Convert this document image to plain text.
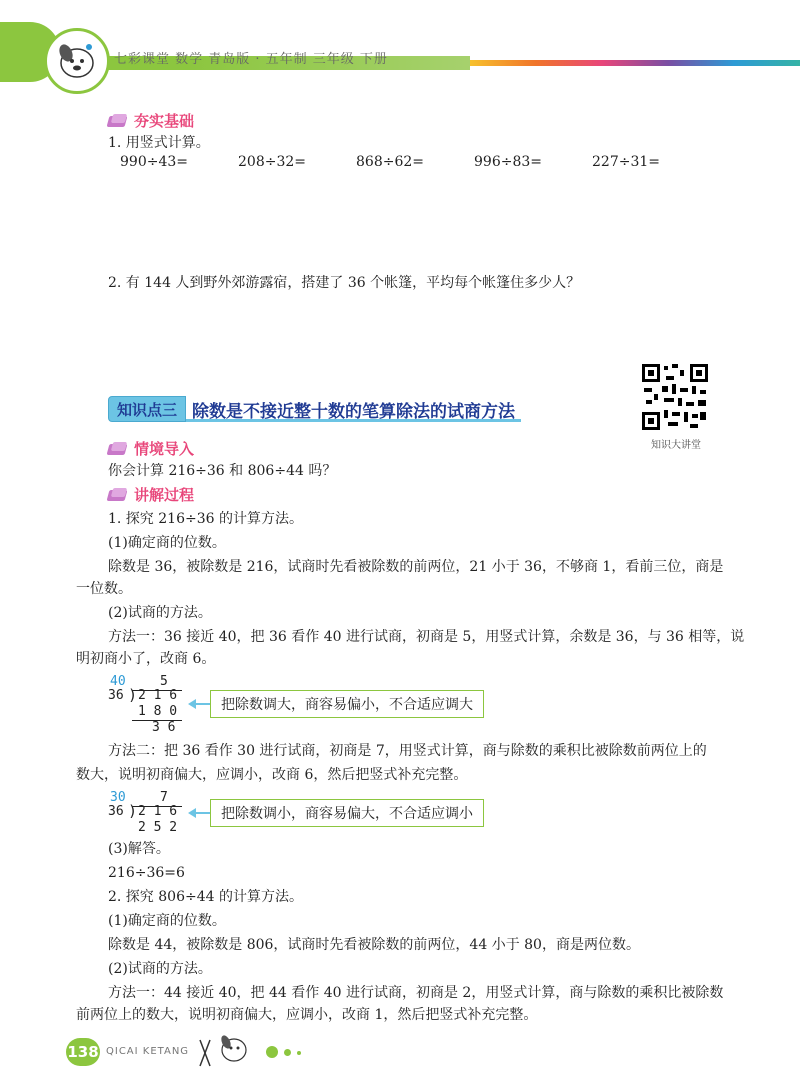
七彩课堂 数学 青岛版 · 五年制 三年级 下册
夯实基础
1. 用竖式计算。
990÷43=	208÷32=	868÷62=	996÷83=	227÷31=
2. 有 144 人到野外郊游露宿，搭建了 36 个帐篷，平均每个帐篷住多少人？
知识点三 除数是不接近整十数的笔算除法的试商方法
知识大讲堂
情境导入
你会计算 216÷36 和 806÷44 吗？
讲解过程
1. 探究 216÷36 的计算方法。
(1)确定商的位数。
除数是 36，被除数是 216，试商时先看被除数的前两位，21 小于 36，不够商 1，看前三位，商是
一位数。
(2)试商的方法。
方法一：36 接近 40，把 36 看作 40 进行试商，初商是 5，用竖式计算，余数是 36，与 36 相等，说
明初商小了，改商 6。
40	5
36 ) 2 1 6
1 8 0
3 6
把除数调大，商容易偏小，不合适应调大
方法二：把 36 看作 30 进行试商，初商是 7，用竖式计算，商与除数的乘积比被除数前两位上的
数大，说明初商偏大，应调小，改商 6，然后把竖式补充完整。
30	7
36 ) 2 1 6
2 5 2
把除数调小，商容易偏大，不合适应调小
(3)解答。
216÷36=6
2. 探究 806÷44 的计算方法。
(1)确定商的位数。
除数是 44，被除数是 806，试商时先看被除数的前两位，44 小于 80，商是两位数。
(2)试商的方法。
方法一：44 接近 40，把 44 看作 40 进行试商，初商是 2，用竖式计算，商与除数的乘积比被除数
前两位上的数大，说明初商偏大，应调小，改商 1，然后把竖式补充完整。
138 QICAI KETANG
